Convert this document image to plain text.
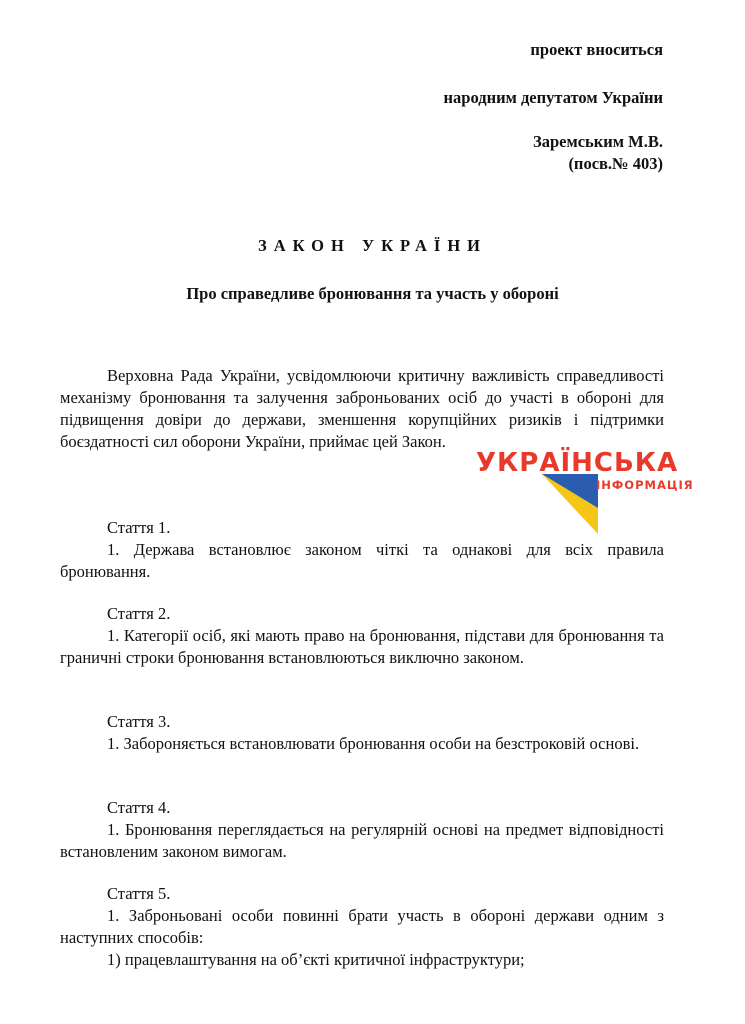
проект вноситься
народним депутатом України
Заремським М.В.
(посв.№ 403)
ЗАКОН УКРАЇНИ
Про справедливе бронювання та участь у обороні
Верховна Рада України, усвідомлюючи критичну важливість справедливості механізму бронювання та залучення заброньованих осіб до участі в обороні для підвищення довіри до держави, зменшення корупційних ризиків і підтримки боєздатності сил оборони України, приймає цей Закон.
УКРАЇНСЬКА
ІНФОРМАЦІЯ
Стаття 1.
1. Держава встановлює законом чіткі та однакові для всіх правила бронювання.
Стаття 2.
1. Категорії осіб, які мають право на бронювання, підстави для бронювання та граничні строки бронювання встановлюються виключно законом.
Стаття 3.
1. Забороняється встановлювати бронювання особи на безстроковій основі.
Стаття 4.
1. Бронювання переглядається на регулярній основі на предмет відповідності встановленим законом вимогам.
Стаття 5.
1. Заброньовані особи повинні брати участь в обороні держави одним з наступних способів:
1) працевлаштування на об’єкті критичної інфраструктури;
